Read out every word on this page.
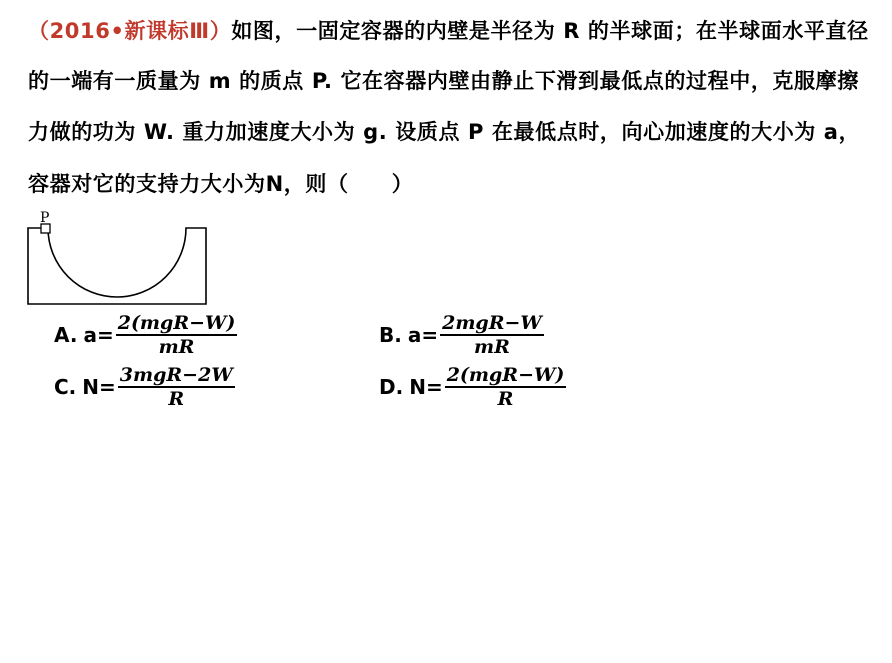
（2016•新课标Ⅲ）如图，一固定容器的内壁是半径为 R 的半球面；在半球面水平直径
的一端有一质量为 m 的质点 P. 它在容器内壁由静止下滑到最低点的过程中，克服摩擦
力做的功为 W. 重力加速度大小为 g. 设质点 P 在最低点时，向心加速度的大小为 a，
容器对它的支持力大小为N，则（　　）
P
A. $a= \frac{\text{2(mgR−W)}}{mR}$	B. $a= \frac{\text{2mgR−W}}{mR}$
C. $N= \frac{\text{3mgR−2W}}{R}$	D. $N= \frac{\text{2(mgR−W)}}{R}$
